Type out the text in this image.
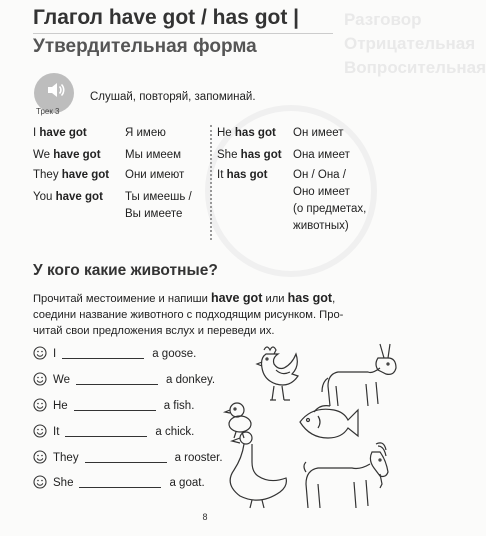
Разговор
Отрицательная
Вопросительная
Глагол have got / has got |
Утвердительная форма
Трек 3
Слушай, повторяй, запоминай.
I have got	Я имею
We have got Мы имеем
They have got Они имеют
You have got Ты имеешь /
Вы имеете
He has got Он имеет
She has got Она имеет
It has got Он / Она /
Оно имеет
(о предметах,
животных)
У кого какие животные?
Прочитай местоимение и напиши have got или has got,
соедини название животного с подходящим рисунком. Про-
читай свои предложения вслух и переведи их.
I	a goose.
We	a donkey.
He	a fish.
It	a chick.
They	a rooster.
She	a goat.
8
